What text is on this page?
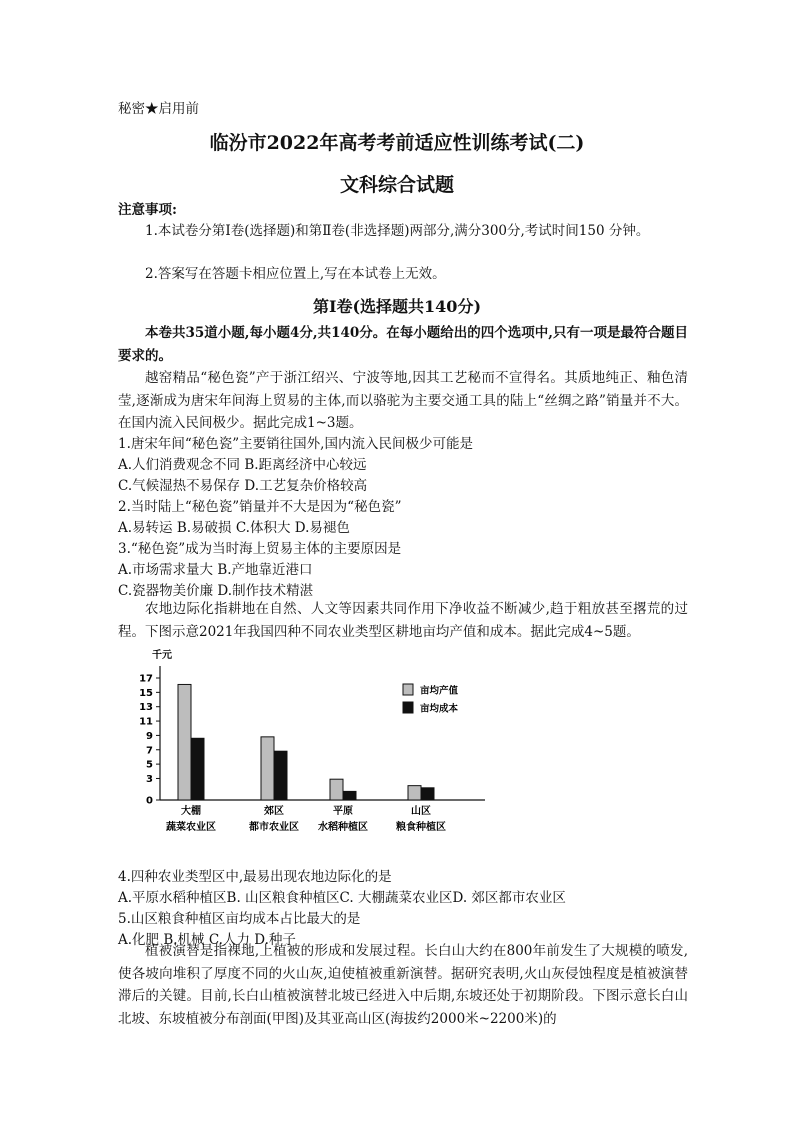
秘密★启用前
临汾市2022年高考考前适应性训练考试(二)
文科综合试题
注意事项:
1.本试卷分第Ⅰ卷(选择题)和第Ⅱ卷(非选择题)两部分,满分300分,考试时间150 分钟。
2.答案写在答题卡相应位置上,写在本试卷上无效。
第Ⅰ卷(选择题共140分)
本卷共35道小题,每小题4分,共140分。在每小题给出的四个选项中,只有一项是最符合题目要求的。
越窑精品“秘色瓷”产于浙江绍兴、宁波等地,因其工艺秘而不宣得名。其质地纯正、釉色清莹,逐渐成为唐宋年间海上贸易的主体,而以骆驼为主要交通工具的陆上“丝绸之路”销量并不大。在国内流入民间极少。据此完成1~3题。
1.唐宋年间“秘色瓷”主要销往国外,国内流入民间极少可能是
A.人们消费观念不同 B.距离经济中心较远
C.气候湿热不易保存 D.工艺复杂价格较高
2.当时陆上“秘色瓷”销量并不大是因为“秘色瓷”
A.易转运 B.易破损 C.体积大 D.易褪色
3.“秘色瓷”成为当时海上贸易主体的主要原因是
A.市场需求量大 B.产地靠近港口
C.瓷器物美价廉 D.制作技术精湛
农地边际化指耕地在自然、人文等因素共同作用下净收益不断减少,趋于粗放甚至撂荒的过程。下图示意2021年我国四种不同农业类型区耕地亩均产值和成本。据此完成4~5题。
千元
0
3
5
7
9
11
13
15
17
大棚
蔬菜农业区
郊区
都市农业区
平原
水稻种植区
山区
粮食种植区
亩均产值
亩均成本
4.四种农业类型区中,最易出现农地边际化的是
A.平原水稻种植区B. 山区粮食种植区C. 大棚蔬菜农业区D. 郊区都市农业区
5.山区粮食种植区亩均成本占比最大的是
A.化肥 B.机械 C.人力 D.种子
植被演替是指裸地,上植被的形成和发展过程。长白山大约在800年前发生了大规模的喷发,使各坡向堆积了厚度不同的火山灰,迫使植被重新演替。据研究表明,火山灰侵蚀程度是植被演替滞后的关键。目前,长白山植被演替北坡已经进入中后期,东坡还处于初期阶段。下图示意长白山北坡、东坡植被分布剖面(甲图)及其亚高山区(海拔约2000米~2200米)的
